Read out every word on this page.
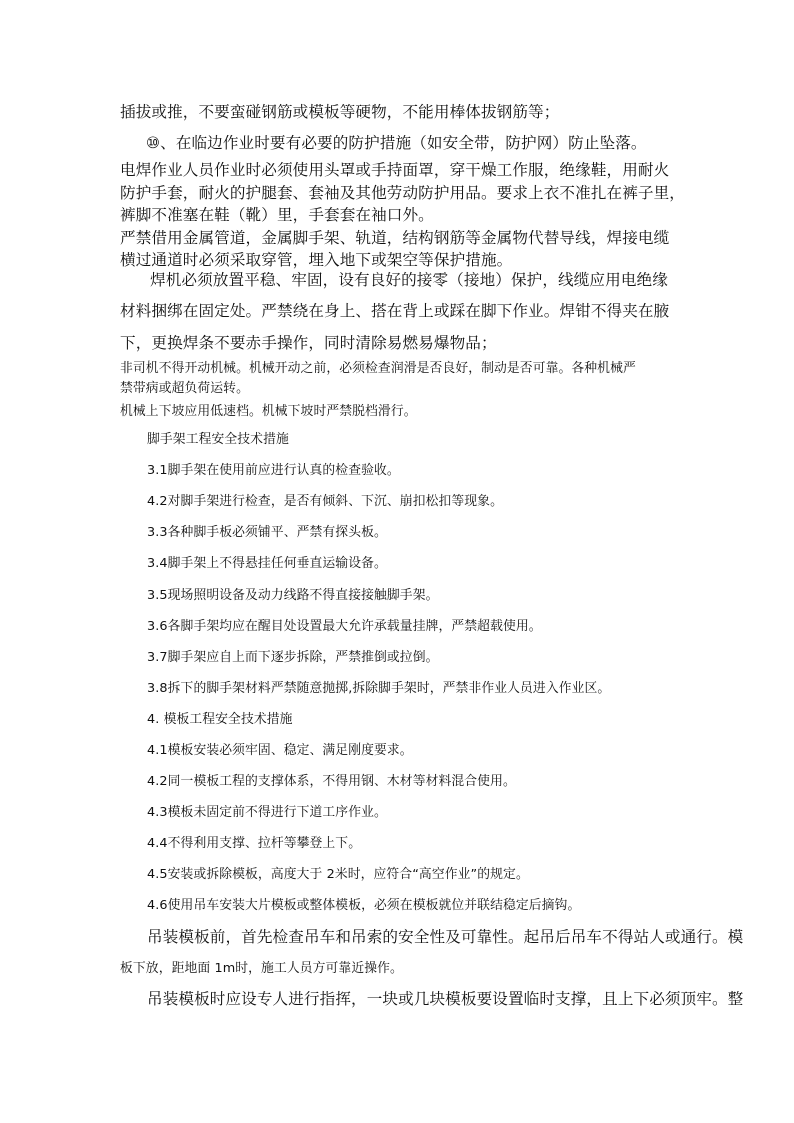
插拔或推，不要蛮碰钢筋或模板等硬物，不能用棒体拔钢筋等；
⑩、在临边作业时要有必要的防护措施（如安全带，防护网）防止坠落。
电焊作业人员作业时必须使用头罩或手持面罩，穿干燥工作服，绝缘鞋，用耐火
防护手套，耐火的护腿套、套袖及其他劳动防护用品。要求上衣不准扎在裤子里，
裤脚不准塞在鞋（靴）里，手套套在袖口外。
严禁借用金属管道，金属脚手架、轨道，结构钢筋等金属物代替导线，焊接电缆
横过通道时必须采取穿管，埋入地下或架空等保护措施。
焊机必须放置平稳、牢固，设有良好的接零（接地）保护，线缆应用电绝缘
材料捆绑在固定处。严禁绕在身上、搭在背上或踩在脚下作业。焊钳不得夹在腋
下，更换焊条不要赤手操作，同时清除易燃易爆物品；
非司机不得开动机械。机械开动之前，必须检查润滑是否良好，制动是否可靠。各种机械严
禁带病或超负荷运转。
机械上下坡应用低速档。机械下坡时严禁脱档滑行。
脚手架工程安全技术措施
3.1脚手架在使用前应进行认真的检查验收。
4.2对脚手架进行检查，是否有倾斜、下沉、崩扣松扣等现象。
3.3各种脚手板必须铺平、严禁有探头板。
3.4脚手架上不得悬挂任何垂直运输设备。
3.5现场照明设备及动力线路不得直接接触脚手架。
3.6各脚手架均应在醒目处设置最大允许承载量挂牌，严禁超载使用。
3.7脚手架应自上而下逐步拆除，严禁推倒或拉倒。
3.8拆下的脚手架材料严禁随意抛掷,拆除脚手架时，严禁非作业人员进入作业区。
4. 模板工程安全技术措施
4.1模板安装必须牢固、稳定、满足刚度要求。
4.2同一模板工程的支撑体系，不得用钢、木材等材料混合使用。
4.3模板未固定前不得进行下道工序作业。
4.4不得利用支撑、拉杆等攀登上下。
4.5安装或拆除模板，高度大于 2米时，应符合“高空作业”的规定。
4.6使用吊车安装大片模板或整体模板，必须在模板就位并联结稳定后摘钩。
吊装模板前，首先检查吊车和吊索的安全性及可靠性。起吊后吊车不得站人或通行。模
板下放，距地面 1m时，施工人员方可靠近操作。
吊装模板时应设专人进行指挥，一块或几块模板要设置临时支撑，且上下必须顶牢。整
